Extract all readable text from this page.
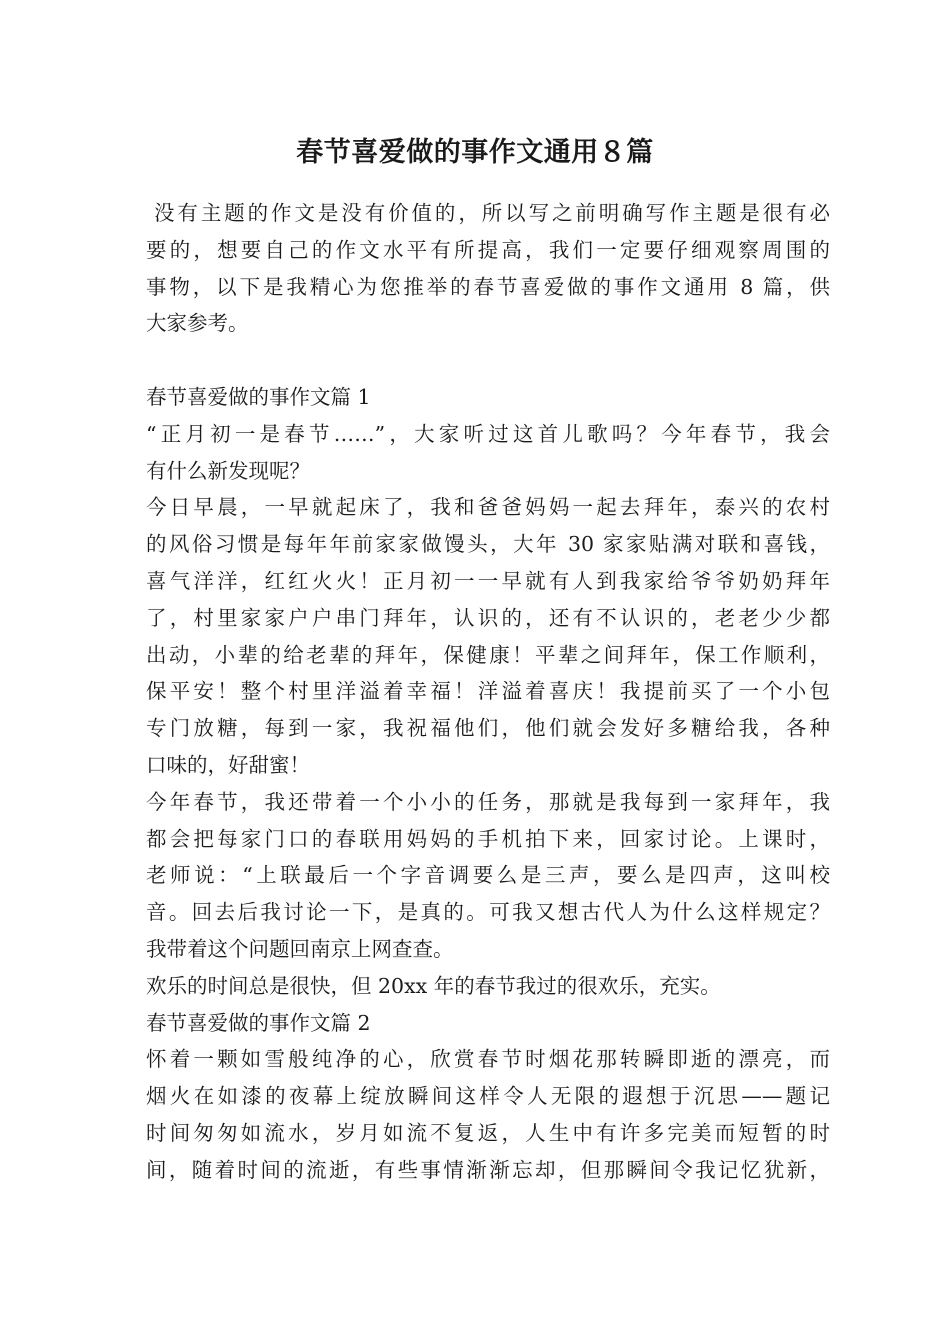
春节喜爱做的事作文通用８篇
没有主题的作文是没有价值的，所以写之前明确写作主题是很有必
要的，想要自己的作文水平有所提高，我们一定要仔细观察周围的
事物，以下是我精心为您推举的春节喜爱做的事作文通用 8 篇，供
大家参考。
春节喜爱做的事作文篇 1
“正月初一是春节……”，大家听过这首儿歌吗？今年春节，我会
有什么新发现呢？
今日早晨，一早就起床了，我和爸爸妈妈一起去拜年，泰兴的农村
的风俗习惯是每年年前家家做馒头，大年 30 家家贴满对联和喜钱，
喜气洋洋，红红火火！正月初一一早就有人到我家给爷爷奶奶拜年
了，村里家家户户串门拜年，认识的，还有不认识的，老老少少都
出动，小辈的给老辈的拜年，保健康！平辈之间拜年，保工作顺利，
保平安！整个村里洋溢着幸福！洋溢着喜庆！我提前买了一个小包
专门放糖，每到一家，我祝福他们，他们就会发好多糖给我，各种
口味的，好甜蜜！
今年春节，我还带着一个小小的任务，那就是我每到一家拜年，我
都会把每家门口的春联用妈妈的手机拍下来，回家讨论。上课时，
老师说：“上联最后一个字音调要么是三声，要么是四声，这叫校
音。回去后我讨论一下，是真的。可我又想古代人为什么这样规定？
我带着这个问题回南京上网查查。
欢乐的时间总是很快，但 20xx 年的春节我过的很欢乐，充实。
春节喜爱做的事作文篇 2
怀着一颗如雪般纯净的心，欣赏春节时烟花那转瞬即逝的漂亮，而
烟火在如漆的夜幕上绽放瞬间这样令人无限的遐想于沉思——题记
时间匆匆如流水，岁月如流不复返，人生中有许多完美而短暂的时
间，随着时间的流逝，有些事情渐渐忘却，但那瞬间令我记忆犹新，
